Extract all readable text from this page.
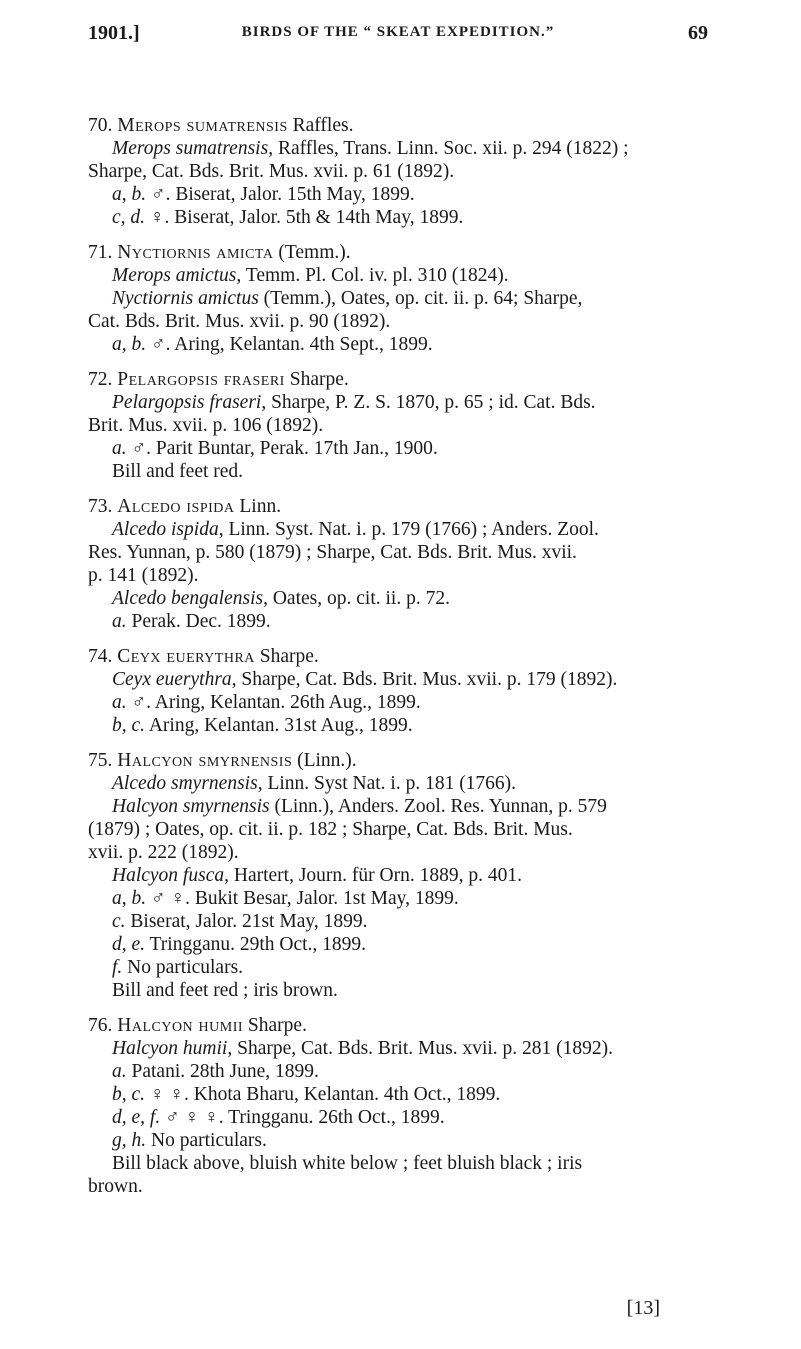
1901.]	BIRDS OF THE “ SKEAT EXPEDITION.”	69
70. Merops sumatrensis Raffles.
Merops sumatrensis, Raffles, Trans. Linn. Soc. xii. p. 294 (1822) ;
Sharpe, Cat. Bds. Brit. Mus. xvii. p. 61 (1892).
a, b. ♂. Biserat, Jalor. 15th May, 1899.
c, d. ♀. Biserat, Jalor. 5th & 14th May, 1899.
71. Nyctiornis amicta (Temm.).
Merops amictus, Temm. Pl. Col. iv. pl. 310 (1824).
Nyctiornis amictus (Temm.), Oates, op. cit. ii. p. 64; Sharpe,
Cat. Bds. Brit. Mus. xvii. p. 90 (1892).
a, b. ♂. Aring, Kelantan. 4th Sept., 1899.
72. Pelargopsis fraseri Sharpe.
Pelargopsis fraseri, Sharpe, P. Z. S. 1870, p. 65 ; id. Cat. Bds.
Brit. Mus. xvii. p. 106 (1892).
a. ♂. Parit Buntar, Perak. 17th Jan., 1900.
Bill and feet red.
73. Alcedo ispida Linn.
Alcedo ispida, Linn. Syst. Nat. i. p. 179 (1766) ; Anders. Zool.
Res. Yunnan, p. 580 (1879) ; Sharpe, Cat. Bds. Brit. Mus. xvii.
p. 141 (1892).
Alcedo bengalensis, Oates, op. cit. ii. p. 72.
a. Perak. Dec. 1899.
74. Ceyx euerythra Sharpe.
Ceyx euerythra, Sharpe, Cat. Bds. Brit. Mus. xvii. p. 179 (1892).
a. ♂. Aring, Kelantan. 26th Aug., 1899.
b, c. Aring, Kelantan. 31st Aug., 1899.
75. Halcyon smyrnensis (Linn.).
Alcedo smyrnensis, Linn. Syst Nat. i. p. 181 (1766).
Halcyon smyrnensis (Linn.), Anders. Zool. Res. Yunnan, p. 579
(1879) ; Oates, op. cit. ii. p. 182 ; Sharpe, Cat. Bds. Brit. Mus.
xvii. p. 222 (1892).
Halcyon fusca, Hartert, Journ. für Orn. 1889, p. 401.
a, b. ♂ ♀. Bukit Besar, Jalor. 1st May, 1899.
c. Biserat, Jalor. 21st May, 1899.
d, e. Tringganu. 29th Oct., 1899.
f. No particulars.
Bill and feet red ; iris brown.
76. Halcyon humii Sharpe.
Halcyon humii, Sharpe, Cat. Bds. Brit. Mus. xvii. p. 281 (1892).
a. Patani. 28th June, 1899.
b, c. ♀ ♀. Khota Bharu, Kelantan. 4th Oct., 1899.
d, e, f. ♂ ♀ ♀. Tringganu. 26th Oct., 1899.
g, h. No particulars.
Bill black above, bluish white below ; feet bluish black ; iris
brown.
[13]
